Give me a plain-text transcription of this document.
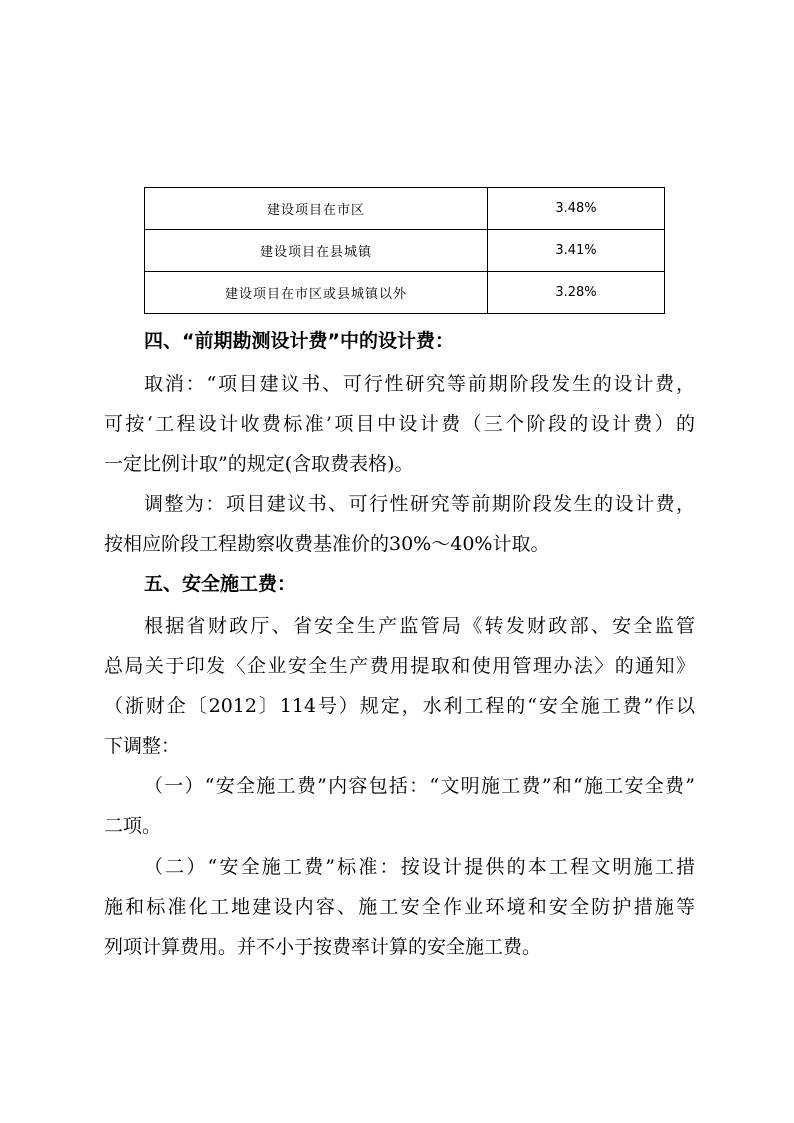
建设项目在市区	3.48%
建设项目在县城镇	3.41%
建设项目在市区或县城镇以外	3.28%
四、“前期勘测设计费”中的设计费：
取消：“项目建议书、可行性研究等前期阶段发生的设计费，
可按‘工程设计收费标准’项目中设计费（三个阶段的设计费）的
一定比例计取”的规定(含取费表格)。
调整为：项目建议书、可行性研究等前期阶段发生的设计费，
按相应阶段工程勘察收费基准价的30%～40%计取。
五、安全施工费：
根据省财政厅、省安全生产监管局《转发财政部、安全监管
总局关于印发〈企业安全生产费用提取和使用管理办法〉的通知》
（浙财企〔2012〕114号）规定，水利工程的“安全施工费”作以
下调整：
（一）“安全施工费”内容包括：“文明施工费”和“施工安全费”
二项。
（二）“安全施工费”标准：按设计提供的本工程文明施工措
施和标准化工地建设内容、施工安全作业环境和安全防护措施等
列项计算费用。并不小于按费率计算的安全施工费。
